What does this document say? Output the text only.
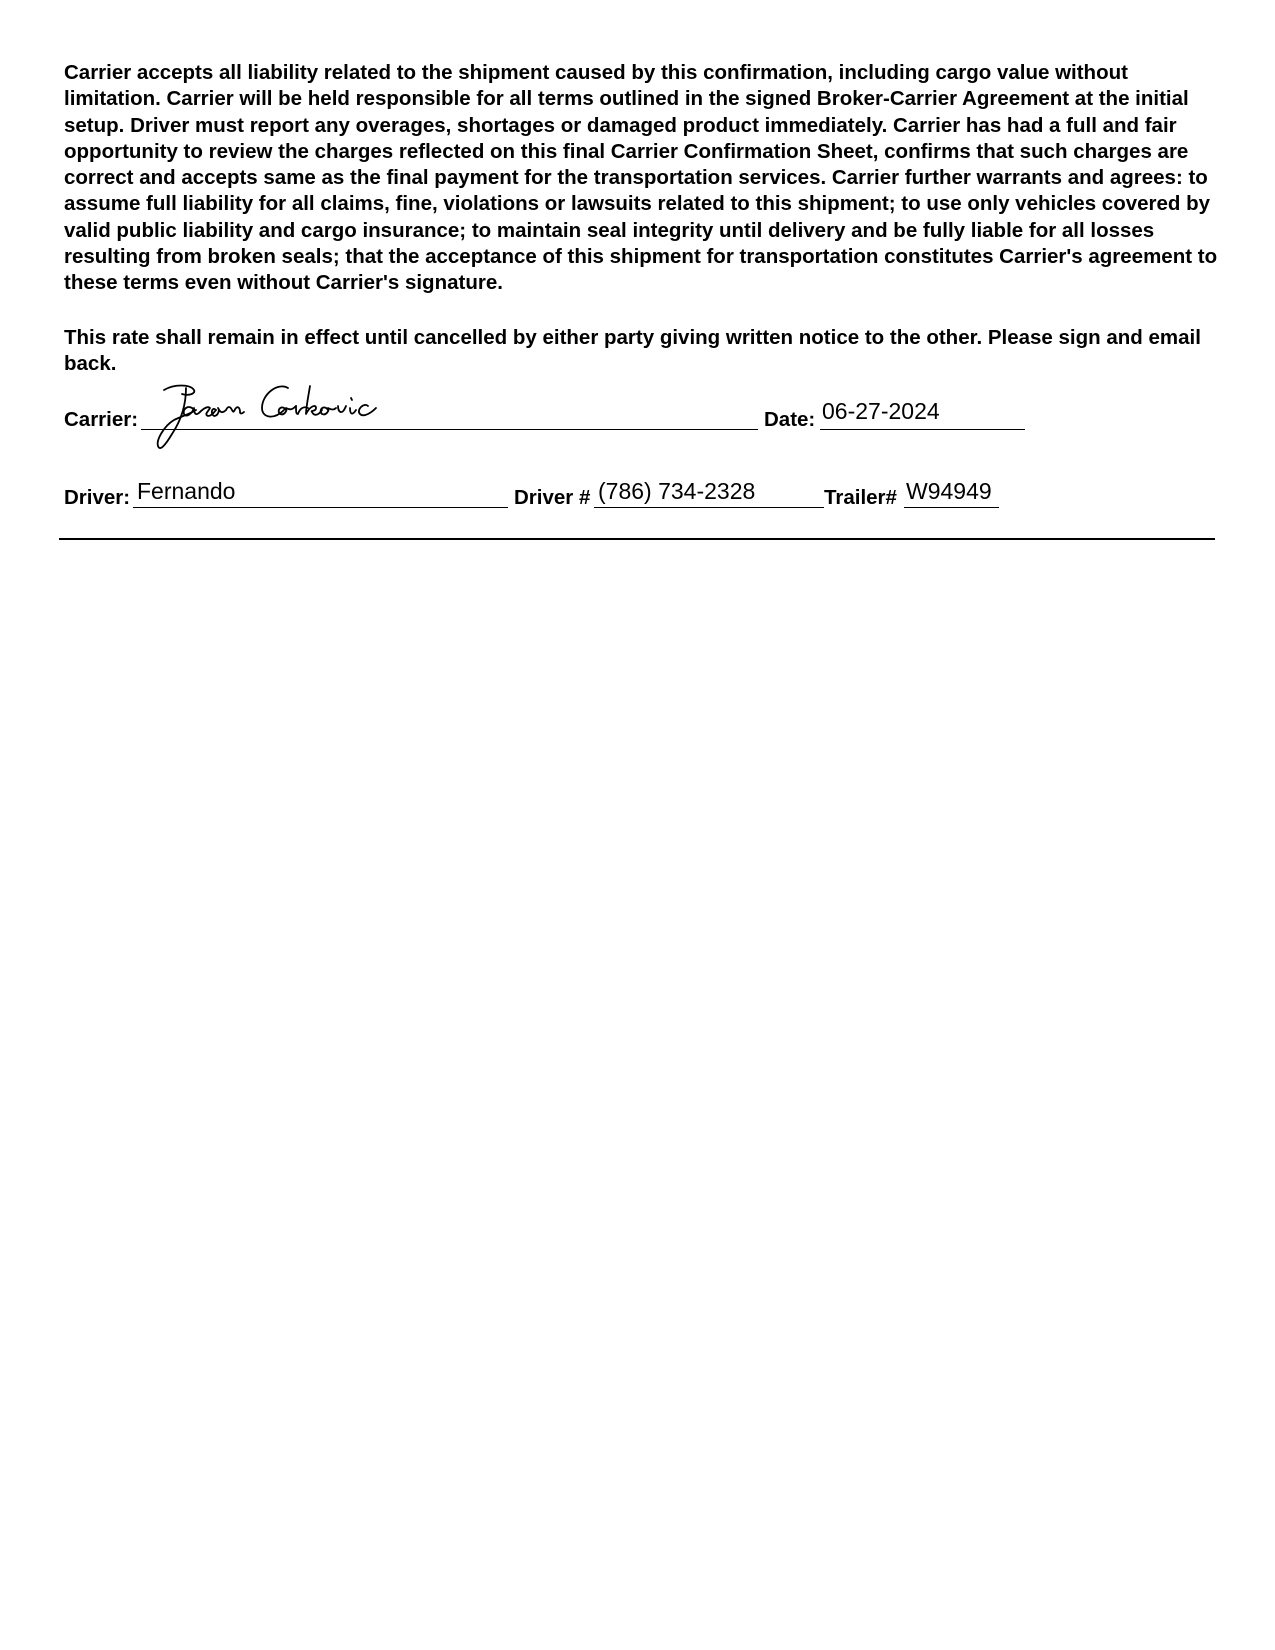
Carrier accepts all liability related to the shipment caused by this confirmation, including cargo value without limitation. Carrier will be held responsible for all terms outlined in the signed Broker-Carrier Agreement at the initial setup. Driver must report any overages, shortages or damaged product immediately. Carrier has had a full and fair opportunity to review the charges reflected on this final Carrier Confirmation Sheet, confirms that such charges are correct and accepts same as the final payment for the transportation services. Carrier further warrants and agrees: to assume full liability for all claims, fine, violations or lawsuits related to this shipment; to use only vehicles covered by valid public liability and cargo insurance; to maintain seal integrity until delivery and be fully liable for all losses resulting from broken seals; that the acceptance of this shipment for transportation constitutes Carrier's agreement to these terms even without Carrier's signature.

This rate shall remain in effect until cancelled by either party giving written notice to the other. Please sign and email back.

Carrier:	Date: 06-27-2024
Driver: Fernando	Driver # (786) 734-2328	Trailer# W94949
